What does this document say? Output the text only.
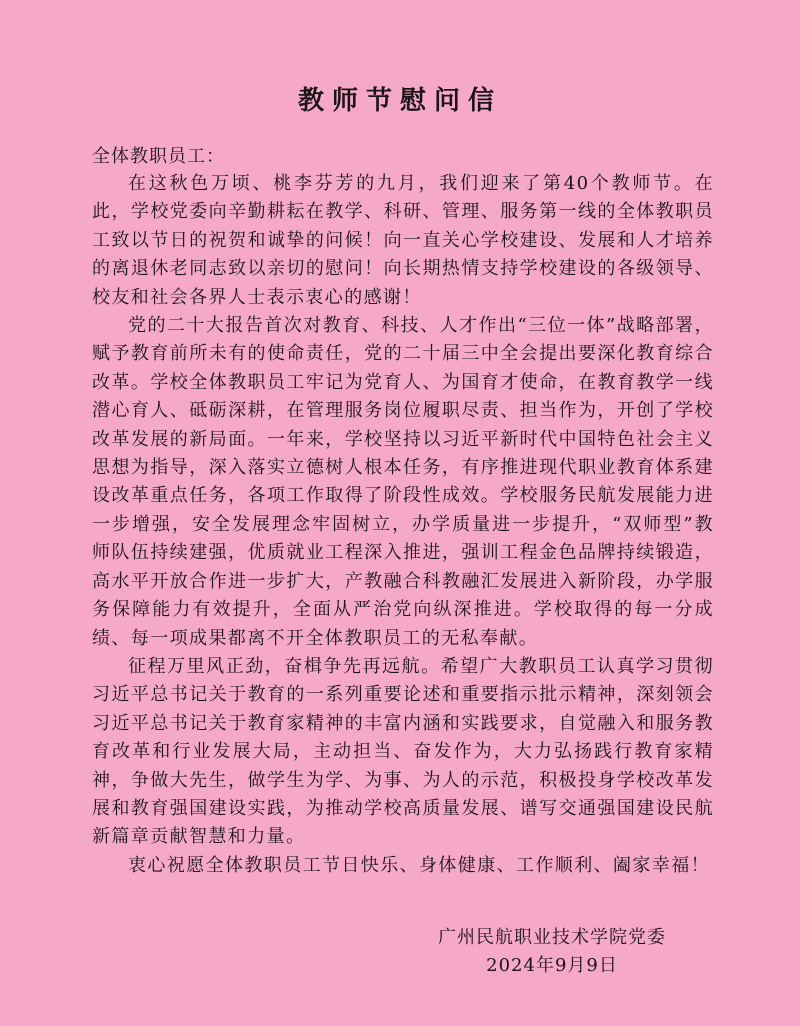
教师节慰问信
全体教职员工：

在这秋色万顷、桃李芬芳的九月，我们迎来了第40个教师节。在此，学校党委向辛勤耕耘在教学、科研、管理、服务第一线的全体教职员工致以节日的祝贺和诚挚的问候！向一直关心学校建设、发展和人才培养的离退休老同志致以亲切的慰问！向长期热情支持学校建设的各级领导、校友和社会各界人士表示衷心的感谢！

党的二十大报告首次对教育、科技、人才作出“三位一体”战略部署，赋予教育前所未有的使命责任，党的二十届三中全会提出要深化教育综合改革。学校全体教职员工牢记为党育人、为国育才使命，在教育教学一线潜心育人、砥砺深耕，在管理服务岗位履职尽责、担当作为，开创了学校改革发展的新局面。一年来，学校坚持以习近平新时代中国特色社会主义思想为指导，深入落实立德树人根本任务，有序推进现代职业教育体系建设改革重点任务，各项工作取得了阶段性成效。学校服务民航发展能力进一步增强，安全发展理念牢固树立，办学质量进一步提升，“双师型”教师队伍持续建强，优质就业工程深入推进，强训工程金色品牌持续锻造，高水平开放合作进一步扩大，产教融合科教融汇发展进入新阶段，办学服务保障能力有效提升，全面从严治党向纵深推进。学校取得的每一分成绩、每一项成果都离不开全体教职员工的无私奉献。

征程万里风正劲，奋楫争先再远航。希望广大教职员工认真学习贯彻习近平总书记关于教育的一系列重要论述和重要指示批示精神，深刻领会习近平总书记关于教育家精神的丰富内涵和实践要求，自觉融入和服务教育改革和行业发展大局，主动担当、奋发作为，大力弘扬践行教育家精神，争做大先生，做学生为学、为事、为人的示范，积极投身学校改革发展和教育强国建设实践，为推动学校高质量发展、谱写交通强国建设民航新篇章贡献智慧和力量。

衷心祝愿全体教职员工节日快乐、身体健康、工作顺利、阖家幸福！

广州民航职业技术学院党委
2024年9月9日
